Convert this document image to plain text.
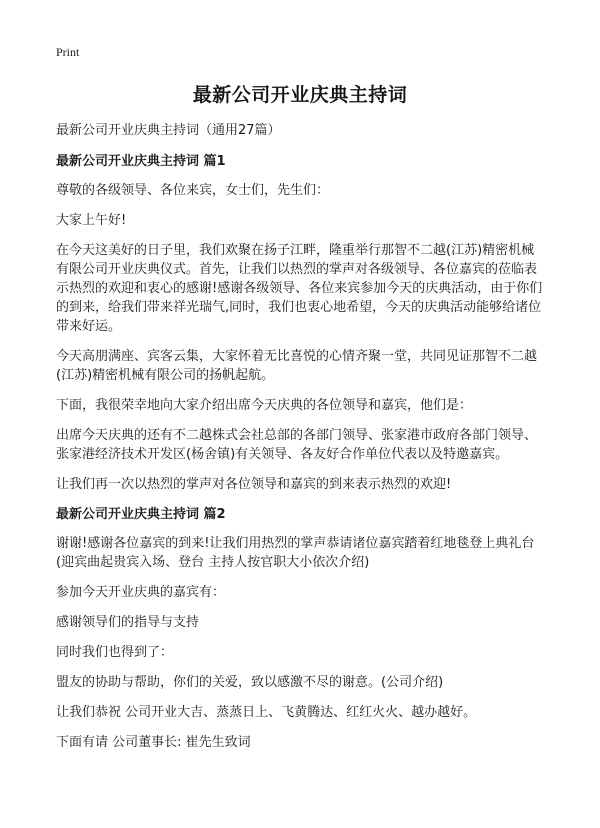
Print
最新公司开业庆典主持词

最新公司开业庆典主持词（通用27篇）

最新公司开业庆典主持词 篇1

尊敬的各级领导、各位来宾，女士们，先生们：

大家上午好!

在今天这美好的日子里，我们欢聚在扬子江畔，隆重举行那智不二越(江苏)精密机械有限公司开业庆典仪式。首先，让我们以热烈的掌声对各级领导、各位嘉宾的莅临表示热烈的欢迎和衷心的感谢!感谢各级领导、各位来宾参加今天的庆典活动，由于你们的到来，给我们带来祥光瑞气,同时，我们也衷心地希望，今天的庆典活动能够给诸位带来好运。

今天高朋满座、宾客云集，大家怀着无比喜悦的心情齐聚一堂，共同见证那智不二越(江苏)精密机械有限公司的扬帆起航。

下面，我很荣幸地向大家介绍出席今天庆典的各位领导和嘉宾，他们是：

出席今天庆典的还有不二越株式会社总部的各部门领导、张家港市政府各部门领导、张家港经济技术开发区(杨舍镇)有关领导、各友好合作单位代表以及特邀嘉宾。

让我们再一次以热烈的掌声对各位领导和嘉宾的到来表示热烈的欢迎!

最新公司开业庆典主持词 篇2

谢谢!感谢各位嘉宾的到来!让我们用热烈的掌声恭请诸位嘉宾踏着红地毯登上典礼台(迎宾曲起贵宾入场、登台 主持人按官职大小依次介绍)

参加今天开业庆典的嘉宾有：

感谢领导们的指导与支持

同时我们也得到了：

盟友的协助与帮助，你们的关爱，致以感激不尽的谢意。(公司介绍)

让我们恭祝 公司开业大吉、蒸蒸日上、飞黄腾达、红红火火、越办越好。

下面有请 公司董事长: 崔先生致词
